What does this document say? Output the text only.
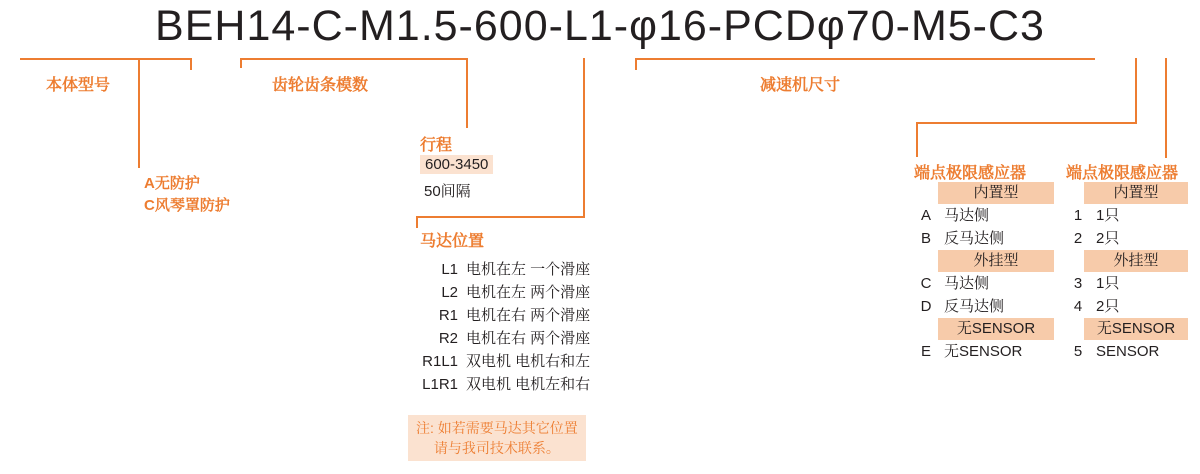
BEH14-C-M1.5-600-L1-φ16-PCDφ70-M5-C3
本体型号	齿轮齿条模数	减速机尺寸
A无防护
C风琴罩防护
行程
600-3450
50间隔
马达位置
L1 电机在左 一个滑座
L2 电机在左 两个滑座
R1 电机在右 两个滑座
R2 电机在右 两个滑座
R1L1 双电机 电机右和左
L1R1 双电机 电机左和右
注: 如若需要马达其它位置
请与我司技术联系。
端点极限感应器
内置型
A 马达侧
B 反马达侧
外挂型
C 马达侧
D 反马达侧
无SENSOR
E 无SENSOR
端点极限感应器
内置型
1 1只
2 2只
外挂型
3 1只
4 2只
无SENSOR
5 SENSOR
